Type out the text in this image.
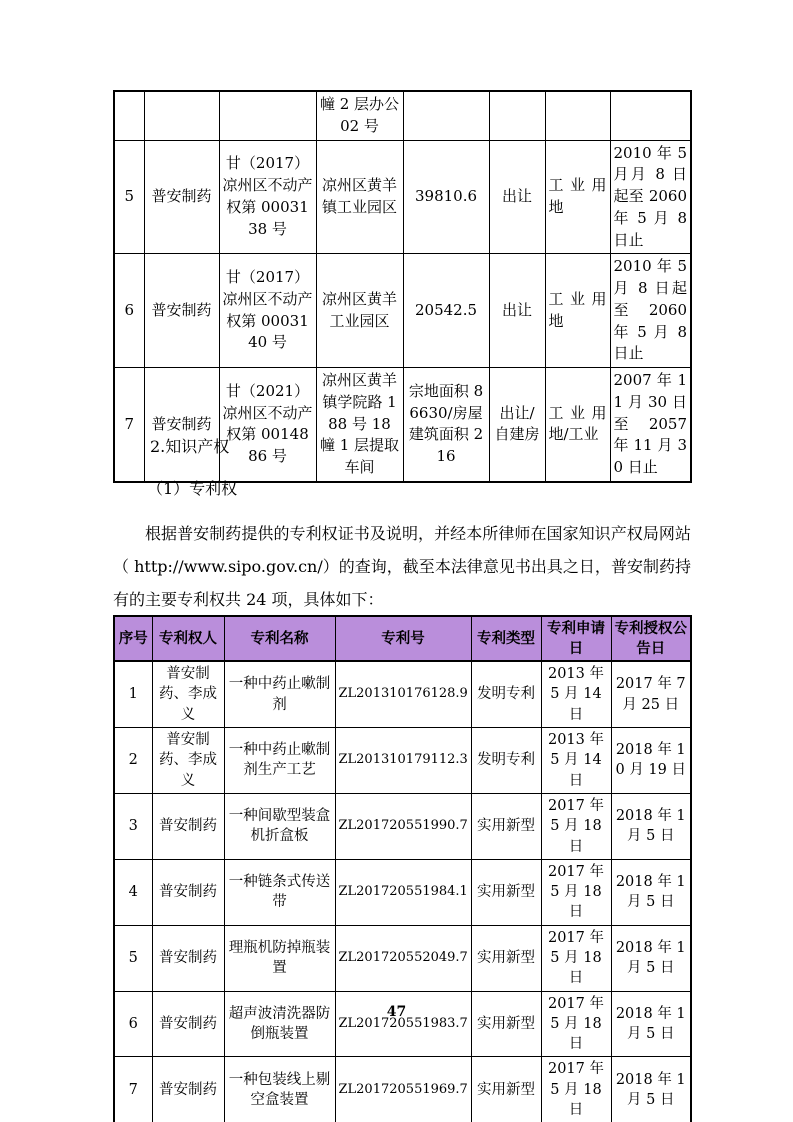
			幢 2 层办公 02 号				
5	普安制药	甘（2017）凉州区不动产权第 0003138 号	凉州区黄羊镇工业园区	39810.6	出让	工业用地	2010 年 5 月月 8 日起至 2060 年 5 月 8 日止
6	普安制药	甘（2017）凉州区不动产权第 0003140 号	凉州区黄羊工业园区	20542.5	出让	工业用地	2010 年 5 月 8 日起至 2060 年 5 月 8 日止
7	普安制药	甘（2021）凉州区不动产权第 0014886 号	凉州区黄羊镇学院路 188 号 18 幢 1 层提取车间	宗地面积 86630/房屋建筑面积 216	出让/自建房	工业用地/工业	2007 年 11 月 30 日至 2057 年 11 月 30 日止
2.知识产权
（1）专利权
根据普安制药提供的专利权证书及说明，并经本所律师在国家知识产权局网站（ http://www.sipo.gov.cn/）的查询，截至本法律意见书出具之日，普安制药持有的主要专利权共 24 项，具体如下：
序号	专利权人	专利名称	专利号	专利类型	专利申请日	专利授权公告日
1	普安制药、李成义	一种中药止嗽制剂	ZL201310176128.9	发明专利	2013 年 5 月 14 日	2017 年 7 月 25 日
2	普安制药、李成义	一种中药止嗽制剂生产工艺	ZL201310179112.3	发明专利	2013 年 5 月 14 日	2018 年 10 月 19 日
3	普安制药	一种间歇型装盒机折盒板	ZL201720551990.7	实用新型	2017 年 5 月 18 日	2018 年 1 月 5 日
4	普安制药	一种链条式传送带	ZL201720551984.1	实用新型	2017 年 5 月 18 日	2018 年 1 月 5 日
5	普安制药	理瓶机防掉瓶装置	ZL201720552049.7	实用新型	2017 年 5 月 18 日	2018 年 1 月 5 日
6	普安制药	超声波清洗器防倒瓶装置	ZL201720551983.7	实用新型	2017 年 5 月 18 日	2018 年 1 月 5 日
7	普安制药	一种包装线上剔空盒装置	ZL201720551969.7	实用新型	2017 年 5 月 18 日	2018 年 1 月 5 日
47
